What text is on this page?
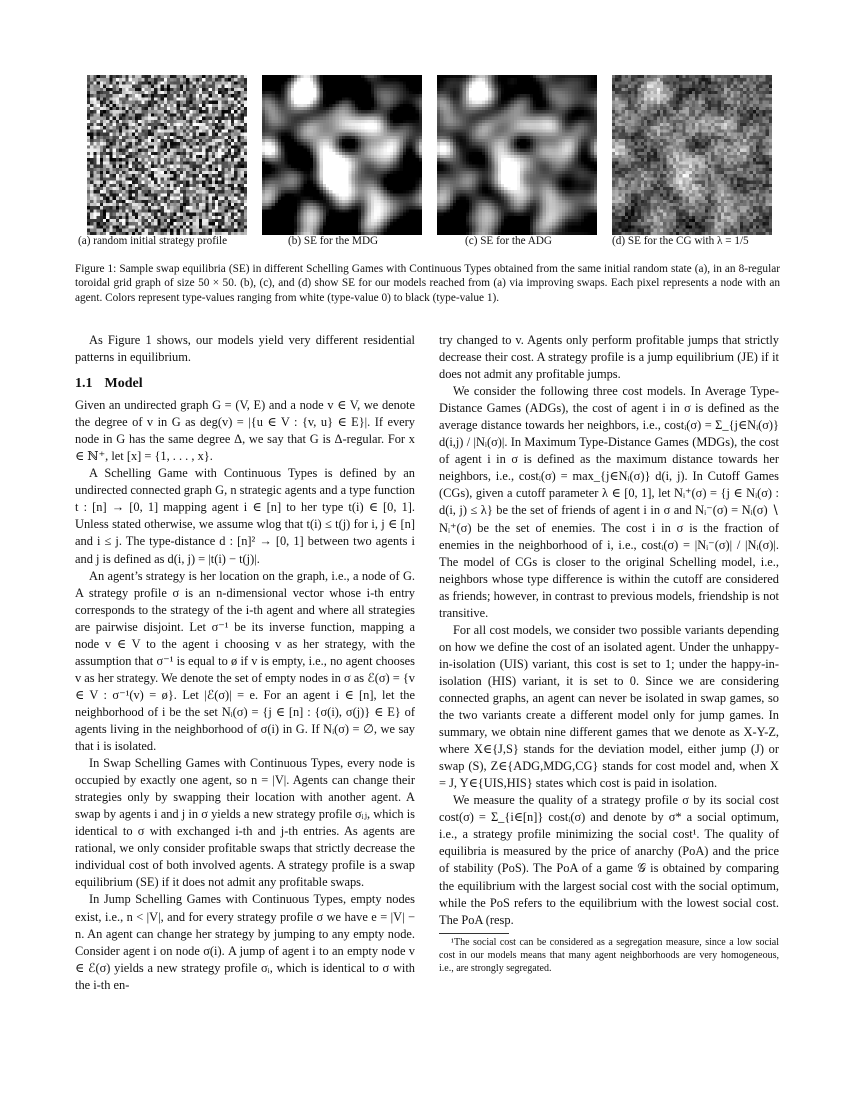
(a) random initial strategy profile	(b) SE for the MDG	(c) SE for the ADG	(d) SE for the CG with λ = 1/5
Figure 1: Sample swap equilibria (SE) in different Schelling Games with Continuous Types obtained from the same initial random state (a), in an 8-regular toroidal grid graph of size 50 × 50. (b), (c), and (d) show SE for our models reached from (a) via improving swaps. Each pixel represents a node with an agent. Colors represent type-values ranging from white (type-value 0) to black (type-value 1).

As Figure 1 shows, our models yield very different residential patterns in equilibrium.

1.1 Model

Given an undirected graph G = (V, E) and a node v ∈ V, we denote the degree of v in G as deg(v) = |{u ∈ V : {v, u} ∈ E}|. If every node in G has the same degree Δ, we say that G is Δ-regular. For x ∈ ℕ⁺, let [x] = {1, . . . , x}.

A Schelling Game with Continuous Types is defined by an undirected connected graph G, n strategic agents and a type function t : [n] → [0, 1] mapping agent i ∈ [n] to her type t(i) ∈ [0, 1]. Unless stated otherwise, we assume wlog that t(i) ≤ t(j) for i, j ∈ [n] and i ≤ j. The type-distance d : [n]² → [0, 1] between two agents i and j is defined as d(i, j) = |t(i) − t(j)|.

An agent’s strategy is her location on the graph, i.e., a node of G. A strategy profile σ is an n-dimensional vector whose i-th entry corresponds to the strategy of the i-th agent and where all strategies are pairwise disjoint. Let σ⁻¹ be its inverse function, mapping a node v ∈ V to the agent i choosing v as her strategy, with the assumption that σ⁻¹ is equal to ø if v is empty, i.e., no agent chooses v as her strategy. We denote the set of empty nodes in σ as ℰ(σ) = {v ∈ V : σ⁻¹(v) = ø}. Let |ℰ(σ)| = e. For an agent i ∈ [n], let the neighborhood of i be the set Nᵢ(σ) = {j ∈ [n] : {σ(i), σ(j)} ∈ E} of agents living in the neighborhood of σ(i) in G. If Nᵢ(σ) = ∅, we say that i is isolated.

In Swap Schelling Games with Continuous Types, every node is occupied by exactly one agent, so n = |V|. Agents can change their strategies only by swapping their location with another agent. A swap by agents i and j in σ yields a new strategy profile σᵢⱼ, which is identical to σ with exchanged i-th and j-th entries. As agents are rational, we only consider profitable swaps that strictly decrease the individual cost of both involved agents. A strategy profile is a swap equilibrium (SE) if it does not admit any profitable swaps.

In Jump Schelling Games with Continuous Types, empty nodes exist, i.e., n < |V|, and for every strategy profile σ we have e = |V| − n. An agent can change her strategy by jumping to any empty node. Consider agent i on node σ(i). A jump of agent i to an empty node v ∈ ℰ(σ) yields a new strategy profile σᵢ, which is identical to σ with the i-th en-

try changed to v. Agents only perform profitable jumps that strictly decrease their cost. A strategy profile is a jump equilibrium (JE) if it does not admit any profitable jumps.

We consider the following three cost models. In Average Type-Distance Games (ADGs), the cost of agent i in σ is defined as the average distance towards her neighbors, i.e., costᵢ(σ) = Σ_{j∈Nᵢ(σ)} d(i,j) / |Nᵢ(σ)|. In Maximum Type-Distance Games (MDGs), the cost of agent i in σ is defined as the maximum distance towards her neighbors, i.e., costᵢ(σ) = max_{j∈Nᵢ(σ)} d(i, j). In Cutoff Games (CGs), given a cutoff parameter λ ∈ [0, 1], let Nᵢ⁺(σ) = {j ∈ Nᵢ(σ) : d(i, j) ≤ λ} be the set of friends of agent i in σ and Nᵢ⁻(σ) = Nᵢ(σ) ∖ Nᵢ⁺(σ) be the set of enemies. The cost i in σ is the fraction of enemies in the neighborhood of i, i.e., costᵢ(σ) = |Nᵢ⁻(σ)| / |Nᵢ(σ)|. The model of CGs is closer to the original Schelling model, i.e., neighbors whose type difference is within the cutoff are considered as friends; however, in contrast to previous models, friendship is not transitive.

For all cost models, we consider two possible variants depending on how we define the cost of an isolated agent. Under the unhappy-in-isolation (UIS) variant, this cost is set to 1; under the happy-in-isolation (HIS) variant, it is set to 0. Since we are considering connected graphs, an agent can never be isolated in swap games, so the two variants create a different model only for jump games. In summary, we obtain nine different games that we denote as X-Y-Z, where X∈{J,S} stands for the deviation model, either jump (J) or swap (S), Z∈{ADG,MDG,CG} stands for cost model and, when X = J, Y∈{UIS,HIS} states which cost is paid in isolation.

We measure the quality of a strategy profile σ by its social cost cost(σ) = Σ_{i∈[n]} costᵢ(σ) and denote by σ* a social optimum, i.e., a strategy profile minimizing the social cost¹. The quality of equilibria is measured by the price of anarchy (PoA) and the price of stability (PoS). The PoA of a game 𝒢 is obtained by comparing the equilibrium with the largest social cost with the social optimum, while the PoS refers to the equilibrium with the lowest social cost. The PoA (resp.

¹The social cost can be considered as a segregation measure, since a low social cost in our models means that many agent neighborhoods are very homogeneous, i.e., are strongly segregated.
